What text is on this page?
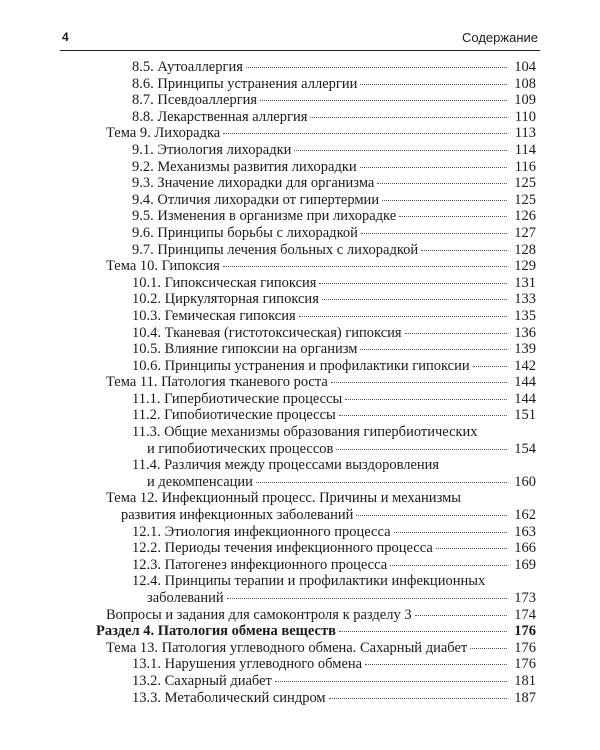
4	Содержание
8.5. Аутоаллергия	104
8.6. Принципы устранения аллергии	108
8.7. Псевдоаллергия	109
8.8. Лекарственная аллергия	110
Тема 9. Лихорадка	113
9.1. Этиология лихорадки	114
9.2. Механизмы развития лихорадки	116
9.3. Значение лихорадки для организма	125
9.4. Отличия лихорадки от гипертермии	125
9.5. Изменения в организме при лихорадке	126
9.6. Принципы борьбы с лихорадкой	127
9.7. Принципы лечения больных с лихорадкой	128
Тема 10. Гипоксия	129
10.1. Гипоксическая гипоксия	131
10.2. Циркуляторная гипоксия	133
10.3. Гемическая гипоксия	135
10.4. Тканевая (гистотоксическая) гипоксия	136
10.5. Влияние гипоксии на организм	139
10.6. Принципы устранения и профилактики гипоксии	142
Тема 11. Патология тканевого роста	144
11.1. Гипербиотические процессы	144
11.2. Гипобиотические процессы	151
11.3. Общие механизмы образования гипербиотических
и гипобиотических процессов	154
11.4. Различия между процессами выздоровления
и декомпенсации	160
Тема 12. Инфекционный процесс. Причины и механизмы
развития инфекционных заболеваний	162
12.1. Этиология инфекционного процесса	163
12.2. Периоды течения инфекционного процесса	166
12.3. Патогенез инфекционного процесса	169
12.4. Принципы терапии и профилактики инфекционных
заболеваний	173
Вопросы и задания для самоконтроля к разделу 3	174
Раздел 4. Патология обмена веществ	176
Тема 13. Патология углеводного обмена. Сахарный диабет	176
13.1. Нарушения углеводного обмена	176
13.2. Сахарный диабет	181
13.3. Метаболический синдром	187
